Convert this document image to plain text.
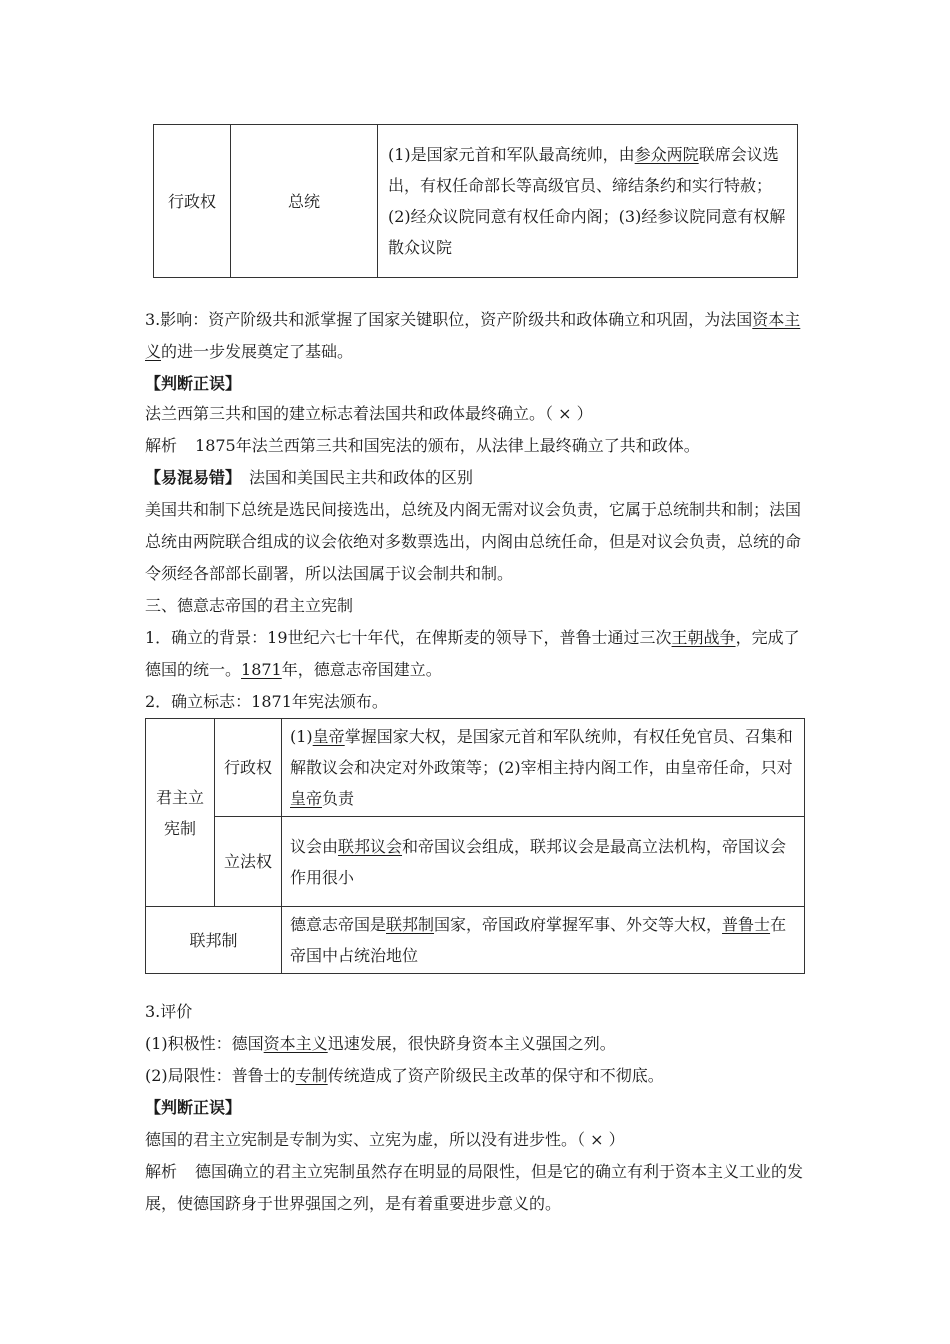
行政权	总统	(1)是国家元首和军队最高统帅，由参众两院联席会议选出，有权任命部长等高级官员、缔结条约和实行特赦；(2)经众议院同意有权任命内阁；(3)经参议院同意有权解散众议院

3.影响：资产阶级共和派掌握了国家关键职位，资产阶级共和政体确立和巩固，为法国资本主义的进一步发展奠定了基础。

【判断正误】

法兰西第三共和国的建立标志着法国共和政体最终确立。（ × ）

解析 1875年法兰西第三共和国宪法的颁布，从法律上最终确立了共和政体。

【易混易错】 法国和美国民主共和政体的区别

美国共和制下总统是选民间接选出，总统及内阁无需对议会负责，它属于总统制共和制；法国总统由两院联合组成的议会依绝对多数票选出，内阁由总统任命，但是对议会负责，总统的命令须经各部部长副署，所以法国属于议会制共和制。

三、德意志帝国的君主立宪制

1．确立的背景：19世纪六七十年代，在俾斯麦的领导下，普鲁士通过三次王朝战争，完成了德国的统一。1871年，德意志帝国建立。

2．确立标志：1871年宪法颁布。

君主立宪制	行政权	(1)皇帝掌握国家大权，是国家元首和军队统帅，有权任免官员、召集和解散议会和决定对外政策等；(2)宰相主持内阁工作，由皇帝任命，只对皇帝负责
	立法权	议会由联邦议会和帝国议会组成，联邦议会是最高立法机构，帝国议会作用很小
联邦制		德意志帝国是联邦制国家，帝国政府掌握军事、外交等大权，普鲁士在帝国中占统治地位

3.评价

(1)积极性：德国资本主义迅速发展，很快跻身资本主义强国之列。

(2)局限性：普鲁士的专制传统造成了资产阶级民主改革的保守和不彻底。

【判断正误】

德国的君主立宪制是专制为实、立宪为虚，所以没有进步性。（ × ）

解析 德国确立的君主立宪制虽然存在明显的局限性，但是它的确立有利于资本主义工业的发展，使德国跻身于世界强国之列，是有着重要进步意义的。
